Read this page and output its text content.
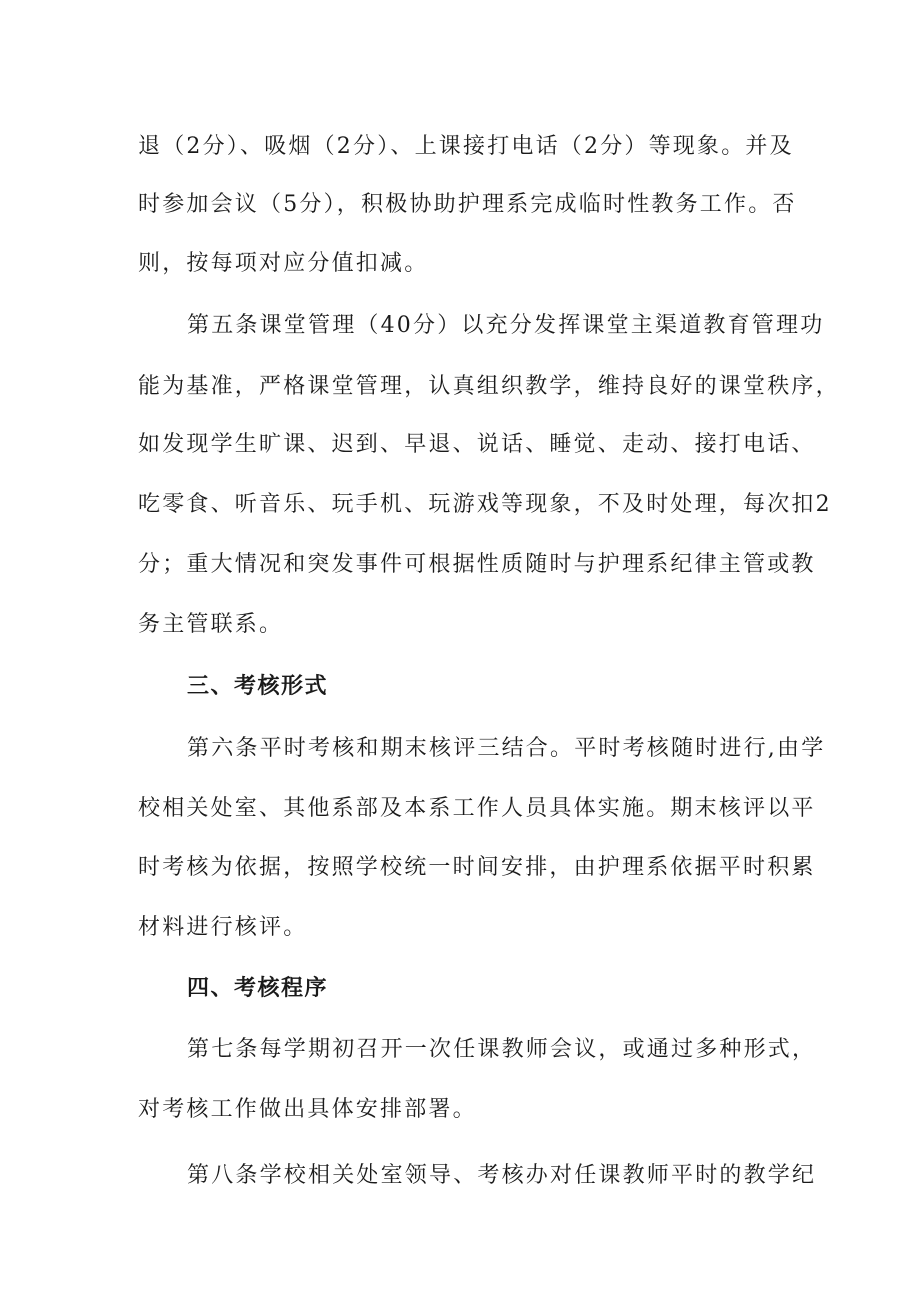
退（2分）、吸烟（2分）、上课接打电话（2分）等现象。并及
时参加会议（5分），积极协助护理系完成临时性教务工作。否
则，按每项对应分值扣减。
第五条课堂管理（40分）以充分发挥课堂主渠道教育管理功
能为基准，严格课堂管理，认真组织教学，维持良好的课堂秩序，
如发现学生旷课、迟到、早退、说话、睡觉、走动、接打电话、
吃零食、听音乐、玩手机、玩游戏等现象，不及时处理，每次扣2
分；重大情况和突发事件可根据性质随时与护理系纪律主管或教
务主管联系。
三、考核形式
第六条平时考核和期末核评三结合。平时考核随时进行,由学
校相关处室、其他系部及本系工作人员具体实施。期末核评以平
时考核为依据，按照学校统一时间安排，由护理系依据平时积累
材料进行核评。
四、考核程序
第七条每学期初召开一次任课教师会议，或通过多种形式，
对考核工作做出具体安排部署。
第八条学校相关处室领导、考核办对任课教师平时的教学纪
